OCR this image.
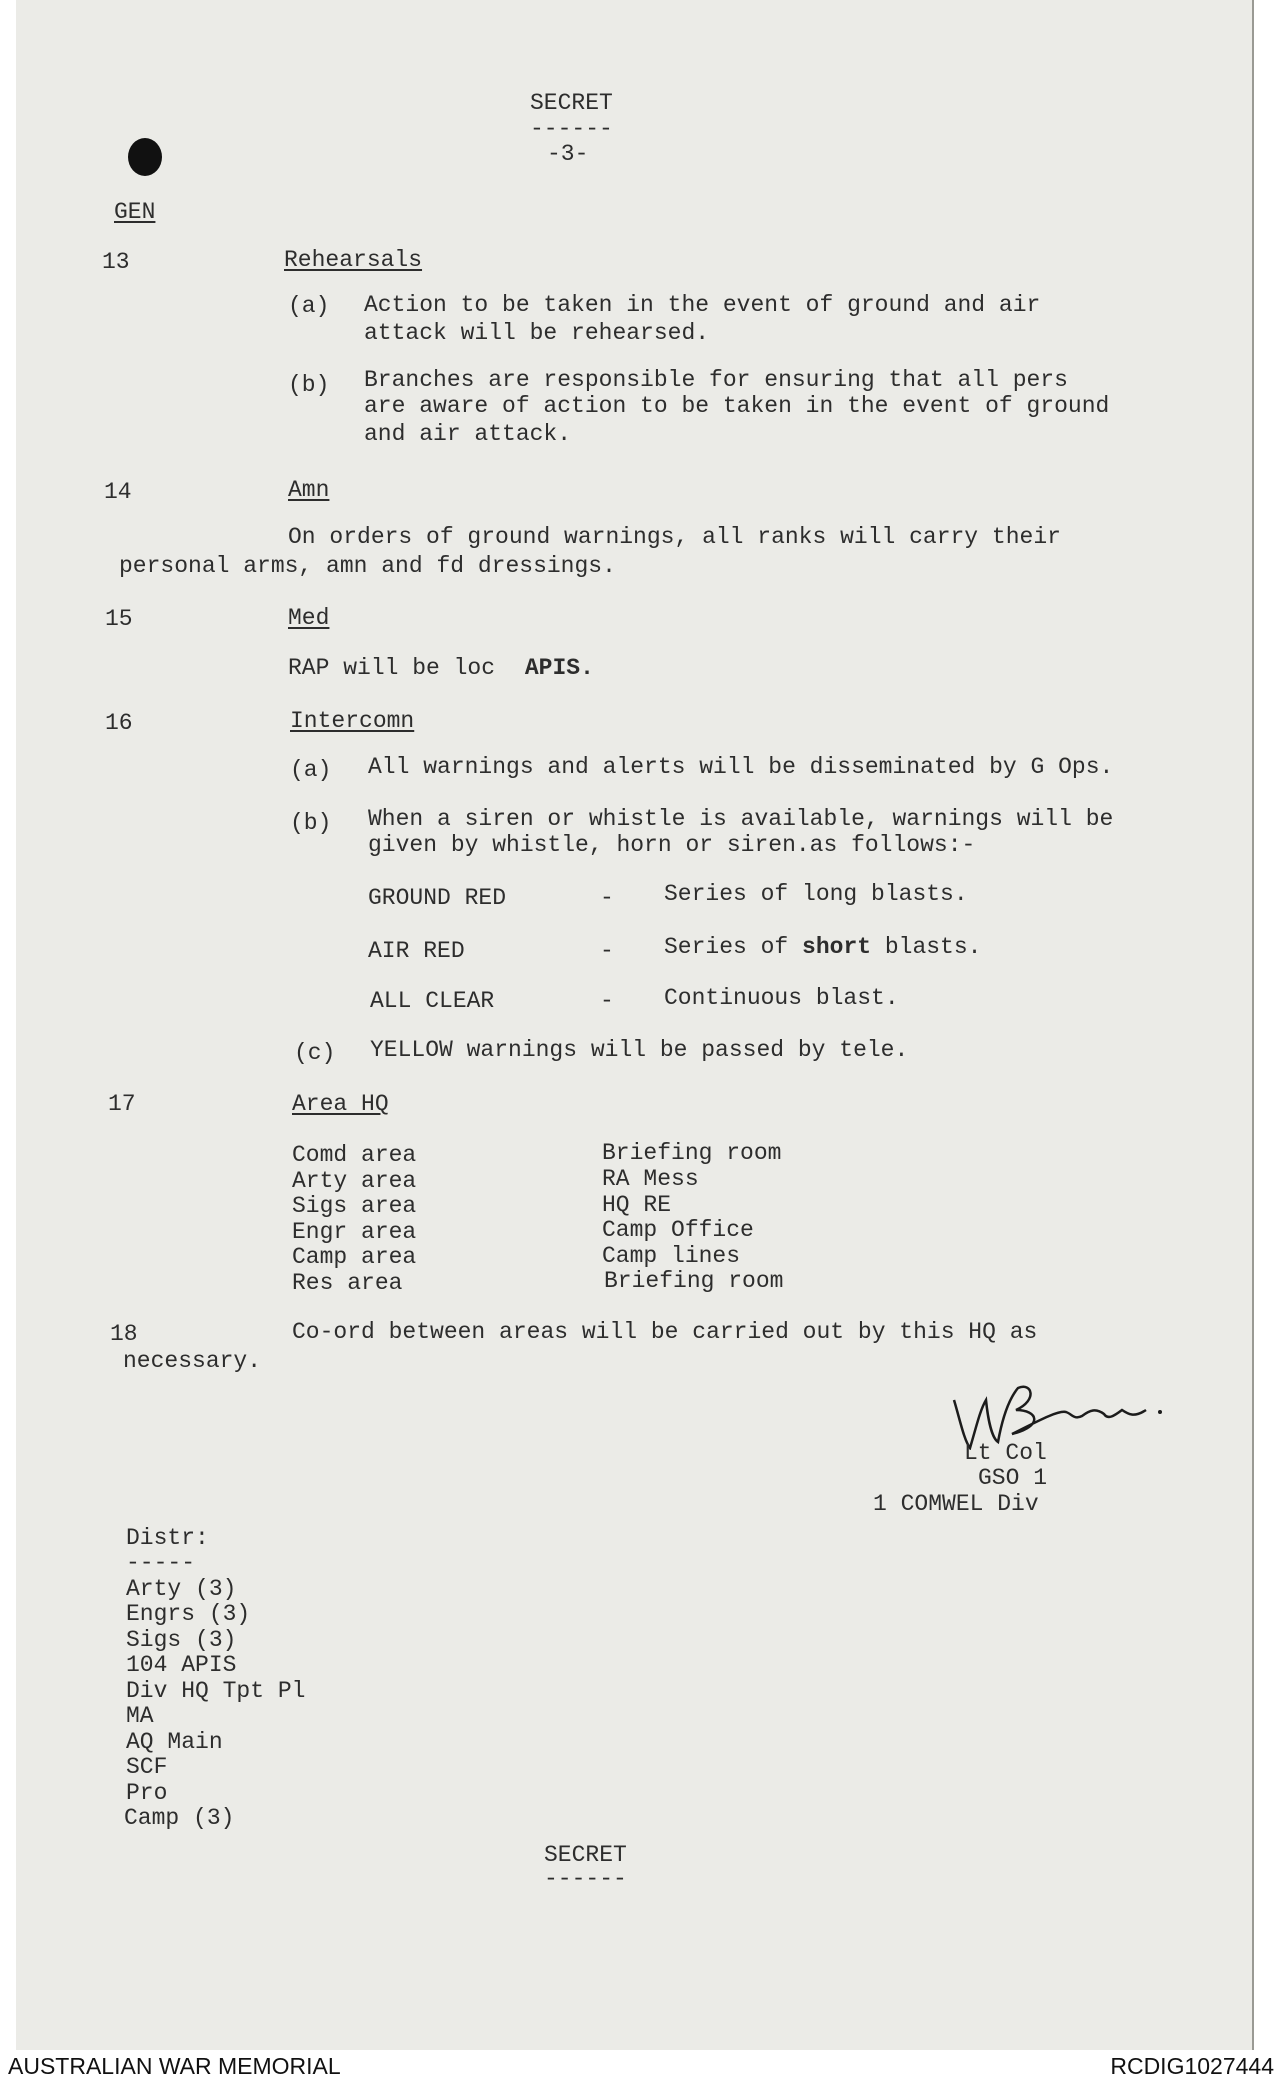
SECRET
------
-3-
GEN
13	Rehearsals
(a) Action to be taken in the event of ground and air
attack will be rehearsed.
(b) Branches are responsible for ensuring that all pers
are aware of action to be taken in the event of ground
and air attack.
14	Amn
On orders of ground warnings, all ranks will carry their
personal arms, amn and fd dressings.
15	Med
RAP will be loc APIS.
16	Intercomn
(a) All warnings and alerts will be disseminated by G Ops.
(b) When a siren or whistle is available, warnings will be
given by whistle, horn or siren.as follows:-
GROUND RED	- Series of long blasts.
AIR RED	- Series of short blasts.
ALL CLEAR	- Continuous blast.
(c) YELLOW warnings will be passed by tele.
17	Area HQ
Comd area	Briefing room
Arty area	RA Mess
Sigs area	HQ RE
Engr area	Camp Office
Camp area	Camp lines
Res area	Briefing room
18	Co-ord between areas will be carried out by this HQ as
necessary.
Lt Col
GSO 1
1 COMWEL Div
Distr:
-----
Arty (3)
Engrs (3)
Sigs (3)
104 APIS
Div HQ Tpt Pl
MA
AQ Main
SCF
Pro
Camp (3)
SECRET
------
AUSTRALIAN WAR MEMORIAL	RCDIG1027444
